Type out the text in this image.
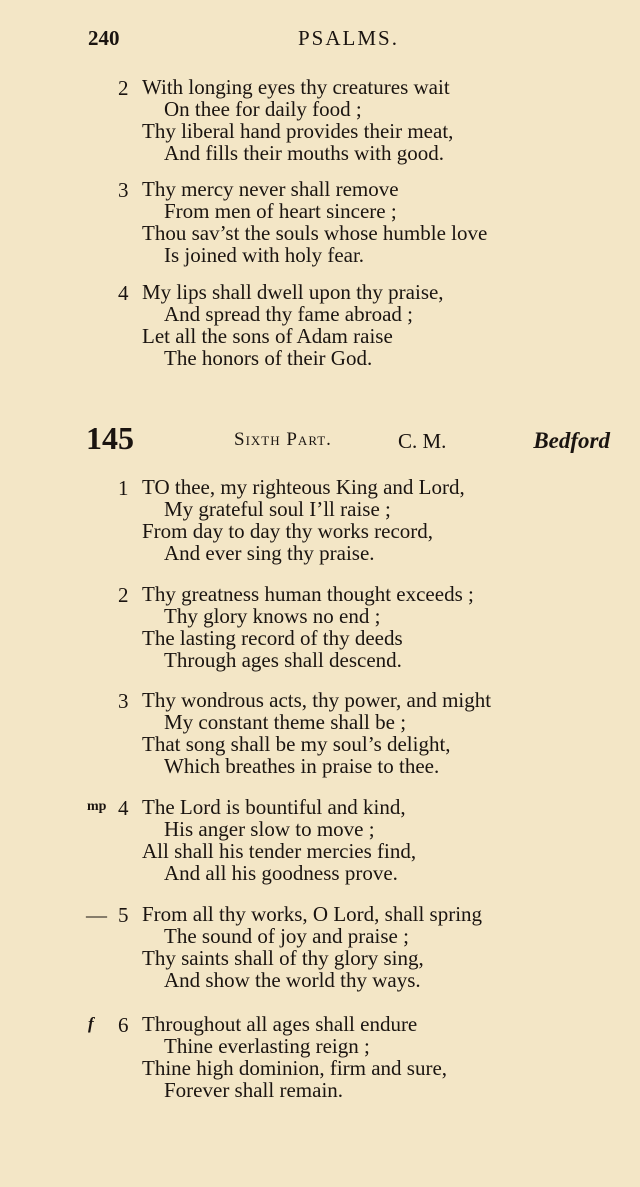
240	PSALMS.
2 With longing eyes thy creatures wait
On thee for daily food ;
Thy liberal hand provides their meat,
And fills their mouths with good.
3 Thy mercy never shall remove
From men of heart sincere ;
Thou sav’st the souls whose humble love
Is joined with holy fear.
4 My lips shall dwell upon thy praise,
And spread thy fame abroad ;
Let all the sons of Adam raise
The honors of their God.
145	Sixth Part.	C. M.	Bedford
1 TO thee, my righteous King and Lord,
My grateful soul I’ll raise ;
From day to day thy works record,
And ever sing thy praise.
2 Thy greatness human thought exceeds ;
Thy glory knows no end ;
The lasting record of thy deeds
Through ages shall descend.
3 Thy wondrous acts, thy power, and might
My constant theme shall be ;
That song shall be my soul’s delight,
Which breathes in praise to thee.
mp 4 The Lord is bountiful and kind,
His anger slow to move ;
All shall his tender mercies find,
And all his goodness prove.
— 5 From all thy works, O Lord, shall spring
The sound of joy and praise ;
Thy saints shall of thy glory sing,
And show the world thy ways.
f 6 Throughout all ages shall endure
Thine everlasting reign ;
Thine high dominion, firm and sure,
Forever shall remain.
